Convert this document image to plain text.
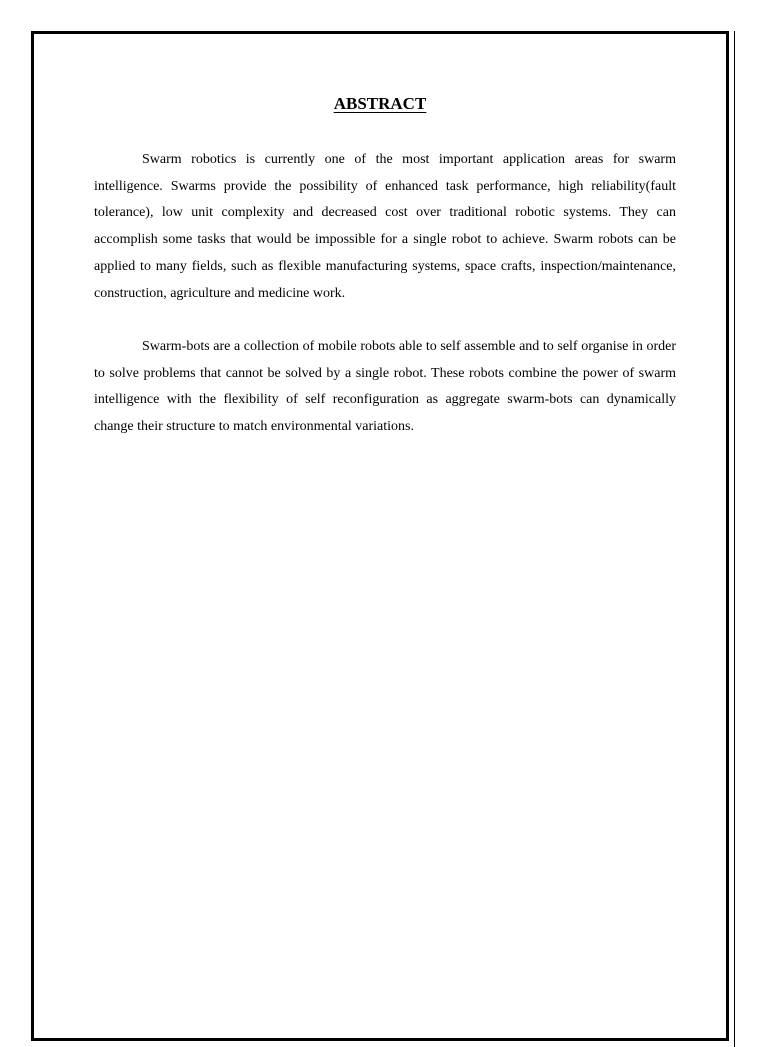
ABSTRACT

Swarm robotics is currently one of the most important application areas for swarm intelligence. Swarms provide the possibility of enhanced task performance, high reliability(fault tolerance), low unit complexity and decreased cost over traditional robotic systems. They can accomplish some tasks that would be impossible for a single robot to achieve. Swarm robots can be applied to many fields, such as flexible manufacturing systems, space crafts, inspection/maintenance, construction, agriculture and medicine work.

Swarm-bots are a collection of mobile robots able to self assemble and to self organise in order to solve problems that cannot be solved by a single robot. These robots combine the power of swarm intelligence with the flexibility of self reconfiguration as aggregate swarm-bots can dynamically change their structure to match environmental variations.
